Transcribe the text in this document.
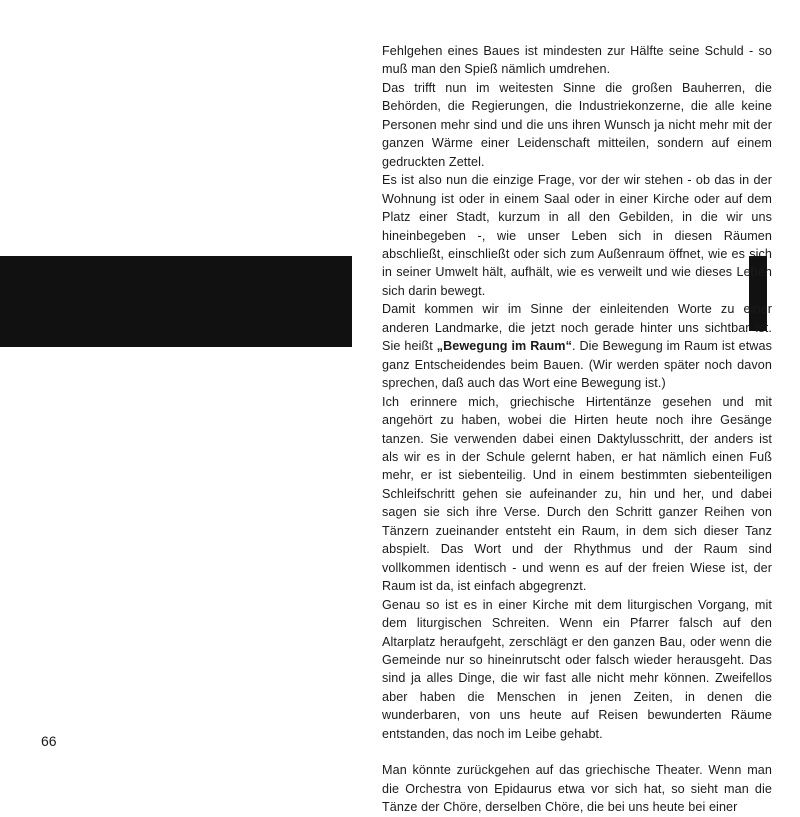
Fehlgehen eines Baues ist mindesten zur Hälfte seine Schuld - so muß man den Spieß nämlich umdrehen.

Das trifft nun im weitesten Sinne die großen Bauherren, die Behörden, die Regierungen, die Industriekonzerne, die alle keine Personen mehr sind und die uns ihren Wunsch ja nicht mehr mit der ganzen Wärme einer Leidenschaft mitteilen, sondern auf einem gedruckten Zettel.

Es ist also nun die einzige Frage, vor der wir stehen - ob das in der Wohnung ist oder in einem Saal oder in einer Kirche oder auf dem Platz einer Stadt, kurzum in all den Gebilden, in die wir uns hineinbegeben -, wie unser Leben sich in diesen Räumen abschließt, einschließt oder sich zum Außenraum öffnet, wie es sich in seiner Umwelt hält, aufhält, wie es verweilt und wie dieses Leben sich darin bewegt.

Damit kommen wir im Sinne der einleitenden Worte zu einer anderen Landmarke, die jetzt noch gerade hinter uns sichtbar ist. Sie heißt „Bewegung im Raum“. Die Bewegung im Raum ist etwas ganz Entscheidendes beim Bauen. (Wir werden später noch davon sprechen, daß auch das Wort eine Bewegung ist.)

Ich erinnere mich, griechische Hirtentänze gesehen und mit angehört zu haben, wobei die Hirten heute noch ihre Gesänge tanzen. Sie verwenden dabei einen Daktylusschritt, der anders ist als wir es in der Schule gelernt haben, er hat nämlich einen Fuß mehr, er ist siebenteilig. Und in einem bestimmten siebenteiligen Schleifschritt gehen sie aufeinander zu, hin und her, und dabei sagen sie sich ihre Verse. Durch den Schritt ganzer Reihen von Tänzern zueinander entsteht ein Raum, in dem sich dieser Tanz abspielt. Das Wort und der Rhythmus und der Raum sind vollkommen identisch - und wenn es auf der freien Wiese ist, der Raum ist da, ist einfach abgegrenzt.

Genau so ist es in einer Kirche mit dem liturgischen Vorgang, mit dem liturgischen Schreiten. Wenn ein Pfarrer falsch auf den Altarplatz heraufgeht, zerschlägt er den ganzen Bau, oder wenn die Gemeinde nur so hineinrutscht oder falsch wieder herausgeht. Das sind ja alles Dinge, die wir fast alle nicht mehr können. Zweifellos aber haben die Menschen in jenen Zeiten, in denen die wunderbaren, von uns heute auf Reisen bewunderten Räume entstanden, das noch im Leibe gehabt.

Man könnte zurückgehen auf das griechische Theater. Wenn man die Orchestra von Epidaurus etwa vor sich hat, so sieht man die Tänze der Chöre, derselben Chöre, die bei uns heute bei einer

66
